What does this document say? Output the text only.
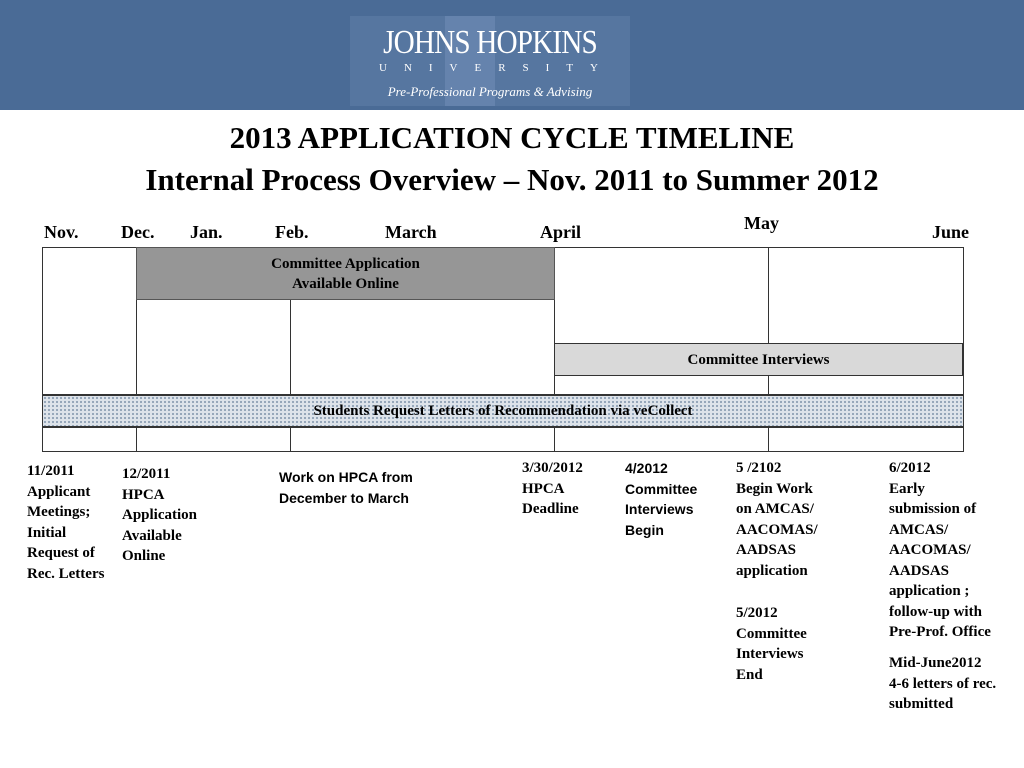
JOHNS HOPKINS
UNIVERSITY
Pre-Professional Programs & Advising
2013 APPLICATION CYCLE TIMELINE
Internal Process Overview – Nov. 2011 to Summer 2012
Nov. Dec. Jan.	Feb.	March	April	May	June
Committee Application
Available Online
Committee Interviews
Students Request Letters of Recommendation via veCollect
11/2011
Applicant
Meetings;
Initial
Request of
Rec. Letters
12/2011
HPCA
Application
Available
Online
Work on HPCA from
December to March
3/30/2012
HPCA
Deadline
4/2012
Committee
Interviews
Begin
5 /2102
Begin Work
on AMCAS/
AACOMAS/
AADSAS
application
5/2012
Committee
Interviews
End
6/2012
Early
submission of
AMCAS/
AACOMAS/
AADSAS
application ;
follow-up with
Pre-Prof. Office
Mid-June2012
4-6 letters of rec.
submitted
